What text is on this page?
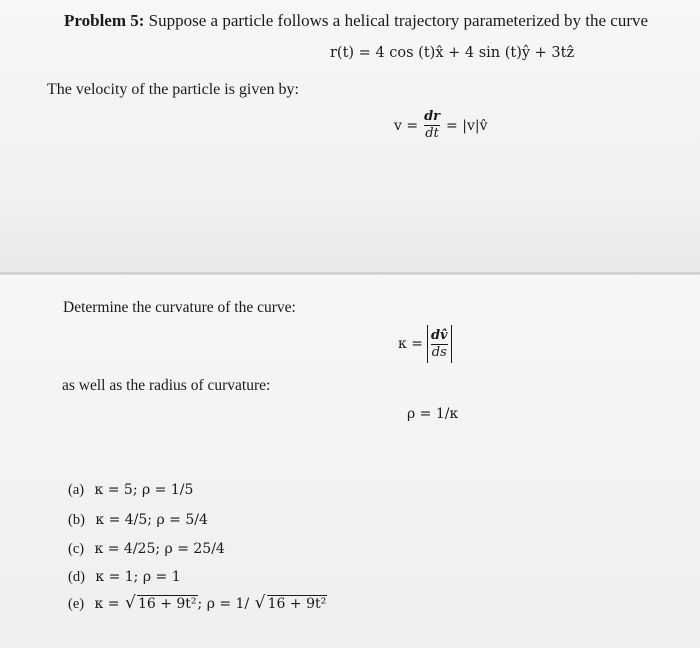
Problem 5: Suppose a particle follows a helical trajectory parameterized by the curve
r(t) = 4 cos (t)x̂ + 4 sin (t)ŷ + 3tẑ
The velocity of the particle is given by:
$v = \frac{dr}{dt}$ = |v|v̂
Determine the curvature of the curve:
$\kappa = \frac{dv̂}{ds}$
as well as the radius of curvature:
ρ = 1/κ
(a) κ = 5; ρ = 1/5
(b) κ = 4/5; ρ = 5/4
(c) κ = 4/25; ρ = 25/4
(d) κ = 1; ρ = 1
(e) κ = √ 16 + 9t²; ρ = 1/ √ 16 + 9t²
